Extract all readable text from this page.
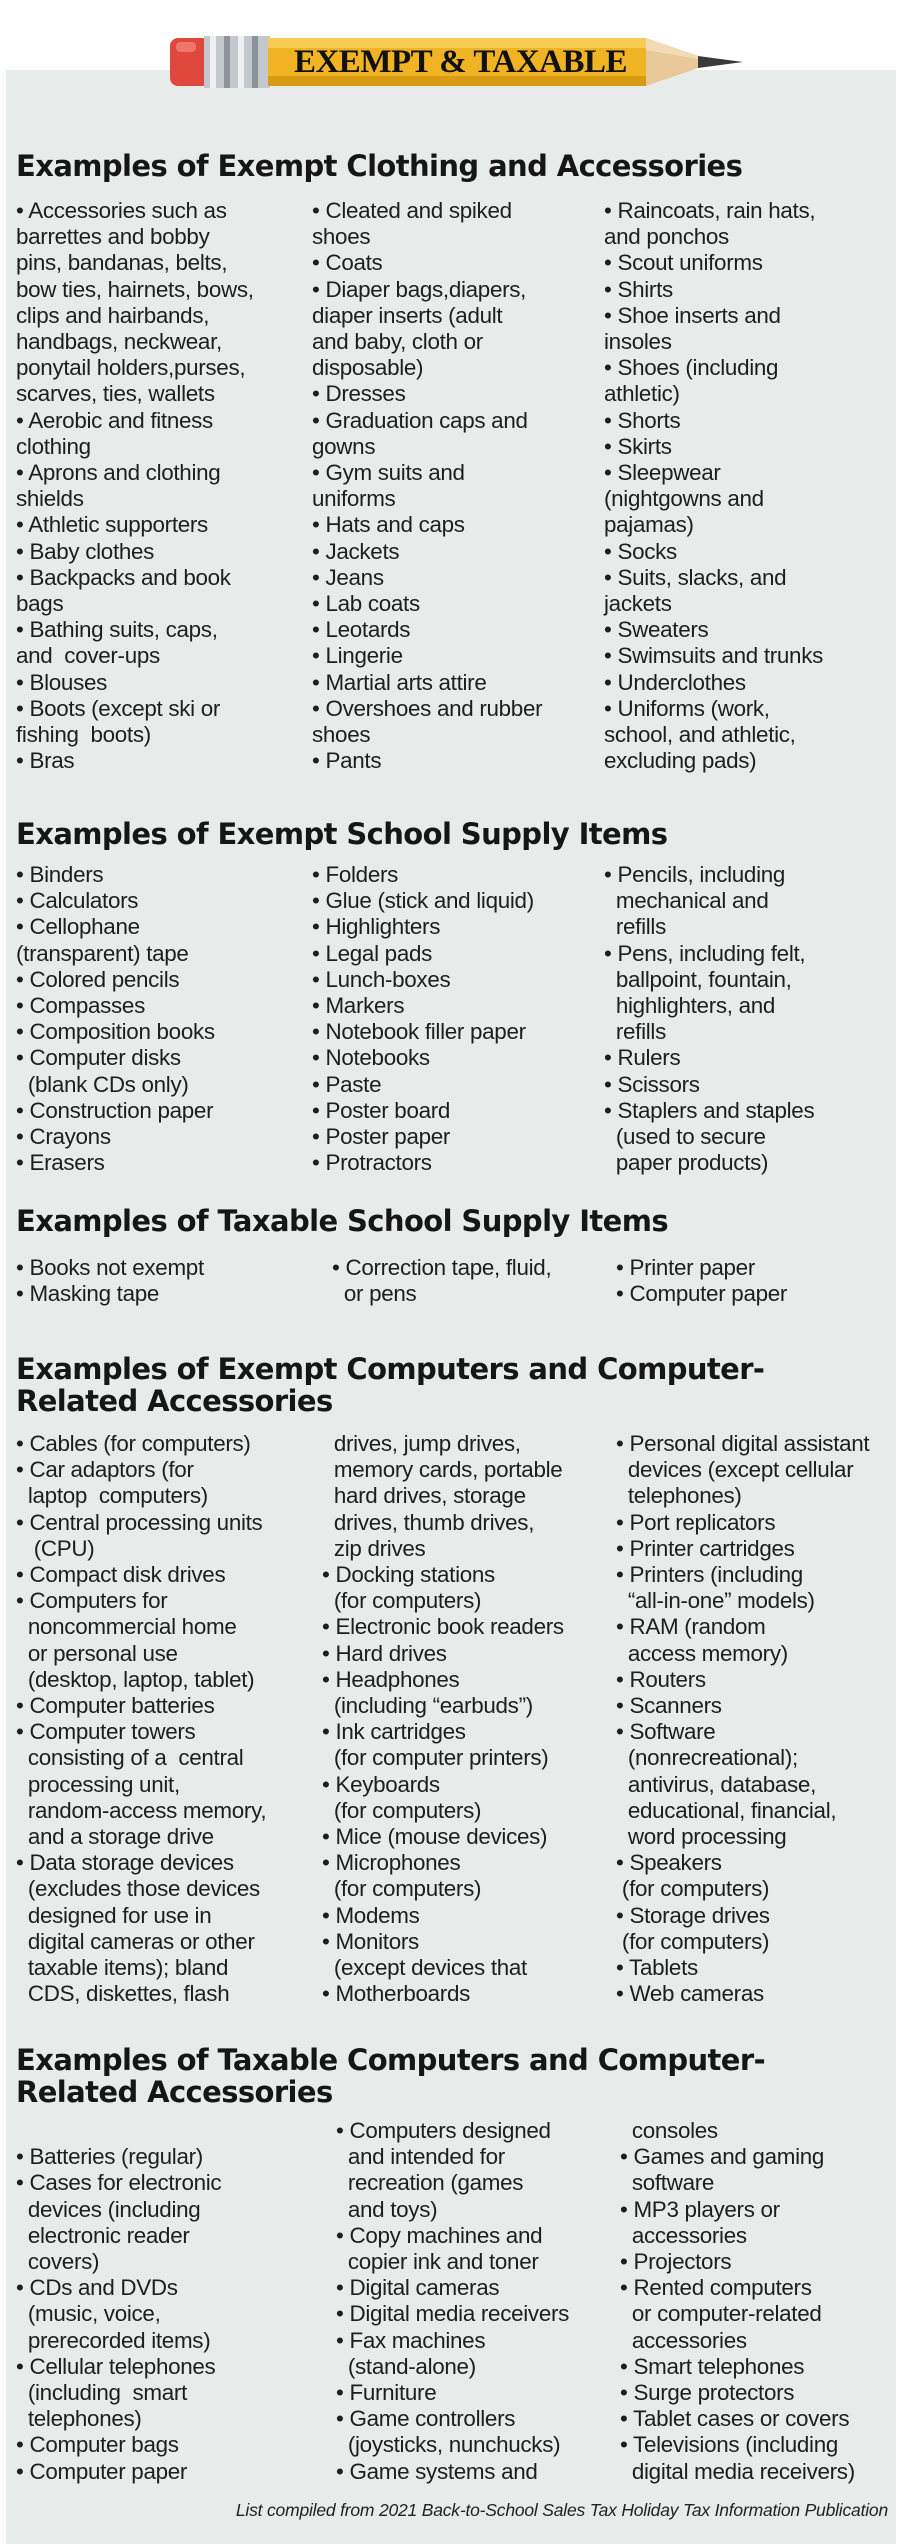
EXEMPT & TAXABLE
Examples of Exempt Clothing and Accessories
• Accessories such as
barrettes and bobby
pins, bandanas, belts,
bow ties, hairnets, bows,
clips and hairbands,
handbags, neckwear,
ponytail holders,purses,
scarves, ties, wallets
• Aerobic and fitness
clothing
• Aprons and clothing
shields
• Athletic supporters
• Baby clothes
• Backpacks and book
bags
• Bathing suits, caps,
and  cover-ups
• Blouses
• Boots (except ski or
fishing  boots)
• Bras
• Cleated and spiked
shoes
• Coats
• Diaper bags,diapers,
diaper inserts (adult
and baby, cloth or
disposable)
• Dresses
• Graduation caps and
gowns
• Gym suits and
uniforms
• Hats and caps
• Jackets
• Jeans
• Lab coats
• Leotards
• Lingerie
• Martial arts attire
• Overshoes and rubber
shoes
• Pants
• Raincoats, rain hats,
and ponchos
• Scout uniforms
• Shirts
• Shoe inserts and
insoles
• Shoes (including
athletic)
• Shorts
• Skirts
• Sleepwear
(nightgowns and
pajamas)
• Socks
• Suits, slacks, and
jackets
• Sweaters
• Swimsuits and trunks
• Underclothes
• Uniforms (work,
school, and athletic,
excluding pads)
Examples of Exempt School Supply Items
• Binders
• Calculators
• Cellophane
(transparent) tape
• Colored pencils
• Compasses
• Composition books
• Computer disks
(blank CDs only)
• Construction paper
• Crayons
• Erasers
• Folders
• Glue (stick and liquid)
• Highlighters
• Legal pads
• Lunch-boxes
• Markers
• Notebook filler paper
• Notebooks
• Paste
• Poster board
• Poster paper
• Protractors
• Pencils, including
mechanical and
refills
• Pens, including felt,
ballpoint, fountain,
highlighters, and
refills
• Rulers
• Scissors
• Staplers and staples
(used to secure
paper products)
Examples of Taxable School Supply Items
• Books not exempt
• Masking tape
• Correction tape, fluid,
or pens
• Printer paper
• Computer paper
Examples of Exempt Computers and Computer-Related Accessories
• Cables (for computers)
• Car adaptors (for
laptop  computers)
• Central processing units
(CPU)
• Compact disk drives
• Computers for
noncommercial home
or personal use
(desktop, laptop, tablet)
• Computer batteries
• Computer towers
consisting of a  central
processing unit,
random-access memory,
and a storage drive
• Data storage devices
(excludes those devices
designed for use in
digital cameras or other
taxable items); bland
CDS, diskettes, flash
drives, jump drives,
memory cards, portable
hard drives, storage
drives, thumb drives,
zip drives
• Docking stations
(for computers)
• Electronic book readers
• Hard drives
• Headphones
(including “earbuds”)
• Ink cartridges
(for computer printers)
• Keyboards
(for computers)
• Mice (mouse devices)
• Microphones
(for computers)
• Modems
• Monitors
(except devices that
• Motherboards
• Personal digital assistant
devices (except cellular
telephones)
• Port replicators
• Printer cartridges
• Printers (including
“all-in-one” models)
• RAM (random
access memory)
• Routers
• Scanners
• Software
(nonrecreational);
antivirus, database,
educational, financial,
word processing
• Speakers
(for computers)
• Storage drives
(for computers)
• Tablets
• Web cameras
Examples of Taxable Computers and Computer-Related Accessories

• Batteries (regular)
• Cases for electronic
devices (including
electronic reader
covers)
• CDs and DVDs
(music, voice,
prerecorded items)
• Cellular telephones
(including  smart
telephones)
• Computer bags
• Computer paper
• Computers designed
and intended for
recreation (games
and toys)
• Copy machines and
copier ink and toner
• Digital cameras
• Digital media receivers
• Fax machines
(stand-alone)
• Furniture
• Game controllers
(joysticks, nunchucks)
• Game systems and
consoles
• Games and gaming
software
• MP3 players or
accessories
• Projectors
• Rented computers
or computer-related
accessories
• Smart telephones
• Surge protectors
• Tablet cases or covers
• Televisions (including
digital media receivers)
List compiled from 2021 Back-to-School Sales Tax Holiday Tax Information Publication
